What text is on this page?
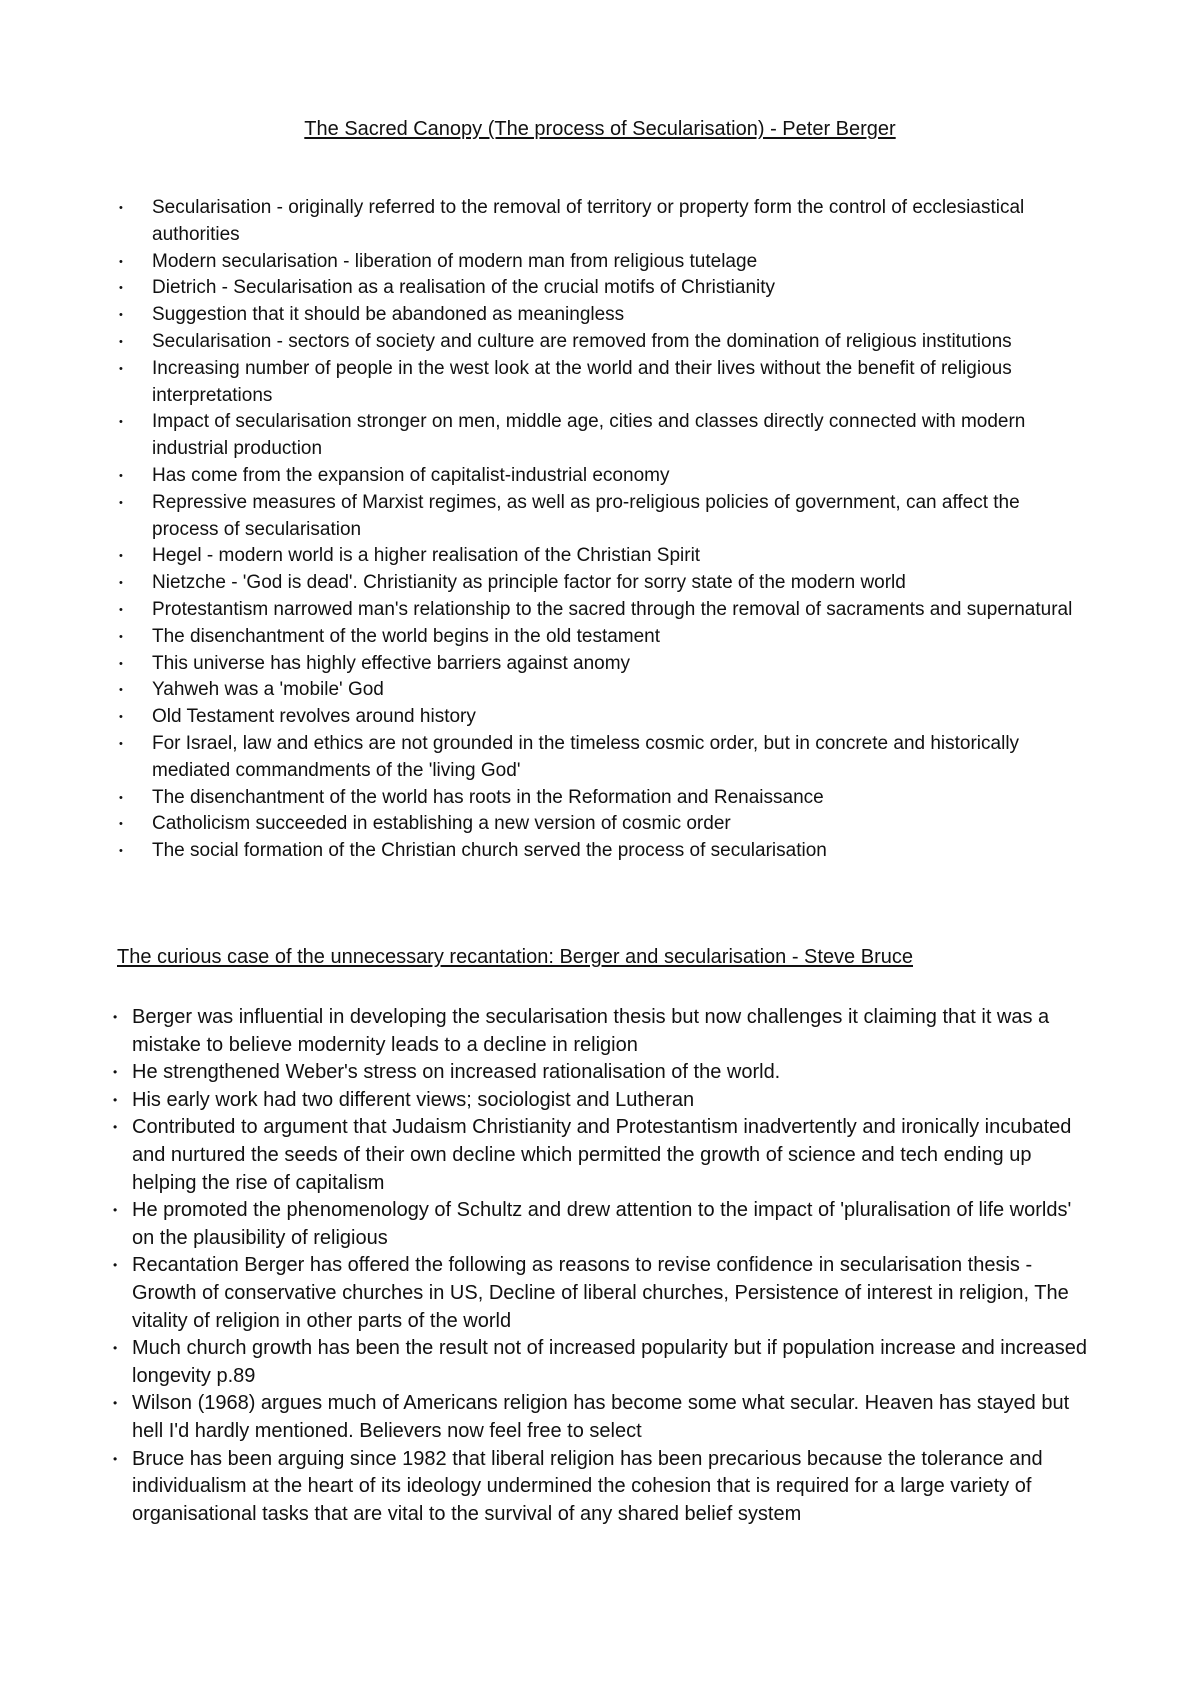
The Sacred Canopy (The process of Secularisation) - Peter Berger
• Secularisation - originally referred to the removal of territory or property form the control of ecclesiastical authorities
• Modern secularisation - liberation of modern man from religious tutelage
• Dietrich - Secularisation as a realisation of the crucial motifs of Christianity
• Suggestion that it should be abandoned as meaningless
• Secularisation - sectors of society and culture are removed from the domination of religious institutions
• Increasing number of people in the west look at the world and their lives without the benefit of religious interpretations
• Impact of secularisation stronger on men, middle age, cities and classes directly connected with modern industrial production
• Has come from the expansion of capitalist-industrial economy
• Repressive measures of Marxist regimes, as well as pro-religious policies of government, can affect the process of secularisation
• Hegel - modern world is a higher realisation of the Christian Spirit
• Nietzche - 'God is dead'. Christianity as principle factor for sorry state of the modern world
• Protestantism narrowed man's relationship to the sacred through the removal of sacraments and supernatural
• The disenchantment of the world begins in the old testament
• This universe has highly effective barriers against anomy
• Yahweh was a 'mobile' God
• Old Testament revolves around history
• For Israel, law and ethics are not grounded in the timeless cosmic order, but in concrete and historically mediated commandments of the 'living God'
• The disenchantment of the world has roots in the Reformation and Renaissance
• Catholicism succeeded in establishing a new version of cosmic order
• The social formation of the Christian church served the process of secularisation
The curious case of the unnecessary recantation: Berger and secularisation - Steve Bruce
• Berger was influential in developing the secularisation thesis but now challenges it claiming that it was a mistake to believe modernity leads to a decline in religion
• He strengthened Weber's stress on increased rationalisation of the world.
• His early work had two different views; sociologist and Lutheran
• Contributed to argument that Judaism Christianity and Protestantism inadvertently and ironically incubated and nurtured the seeds of their own decline which permitted the growth of science and tech ending up helping the rise of capitalism
• He promoted the phenomenology of Schultz and drew attention to the impact of 'pluralisation of life worlds' on the plausibility of religious
• Recantation Berger has offered the following as reasons to revise confidence in secularisation thesis - Growth of conservative churches in US, Decline of liberal churches, Persistence of interest in religion, The vitality of religion in other parts of the world
• Much church growth has been the result not of increased popularity but if population increase and increased longevity p.89
• Wilson (1968) argues much of Americans religion has become some what secular. Heaven has stayed but hell I'd hardly mentioned. Believers now feel free to select
• Bruce has been arguing since 1982 that liberal religion has been precarious because the tolerance and individualism at the heart of its ideology undermined the cohesion that is required for a large variety of organisational tasks that are vital to the survival of any shared belief system
